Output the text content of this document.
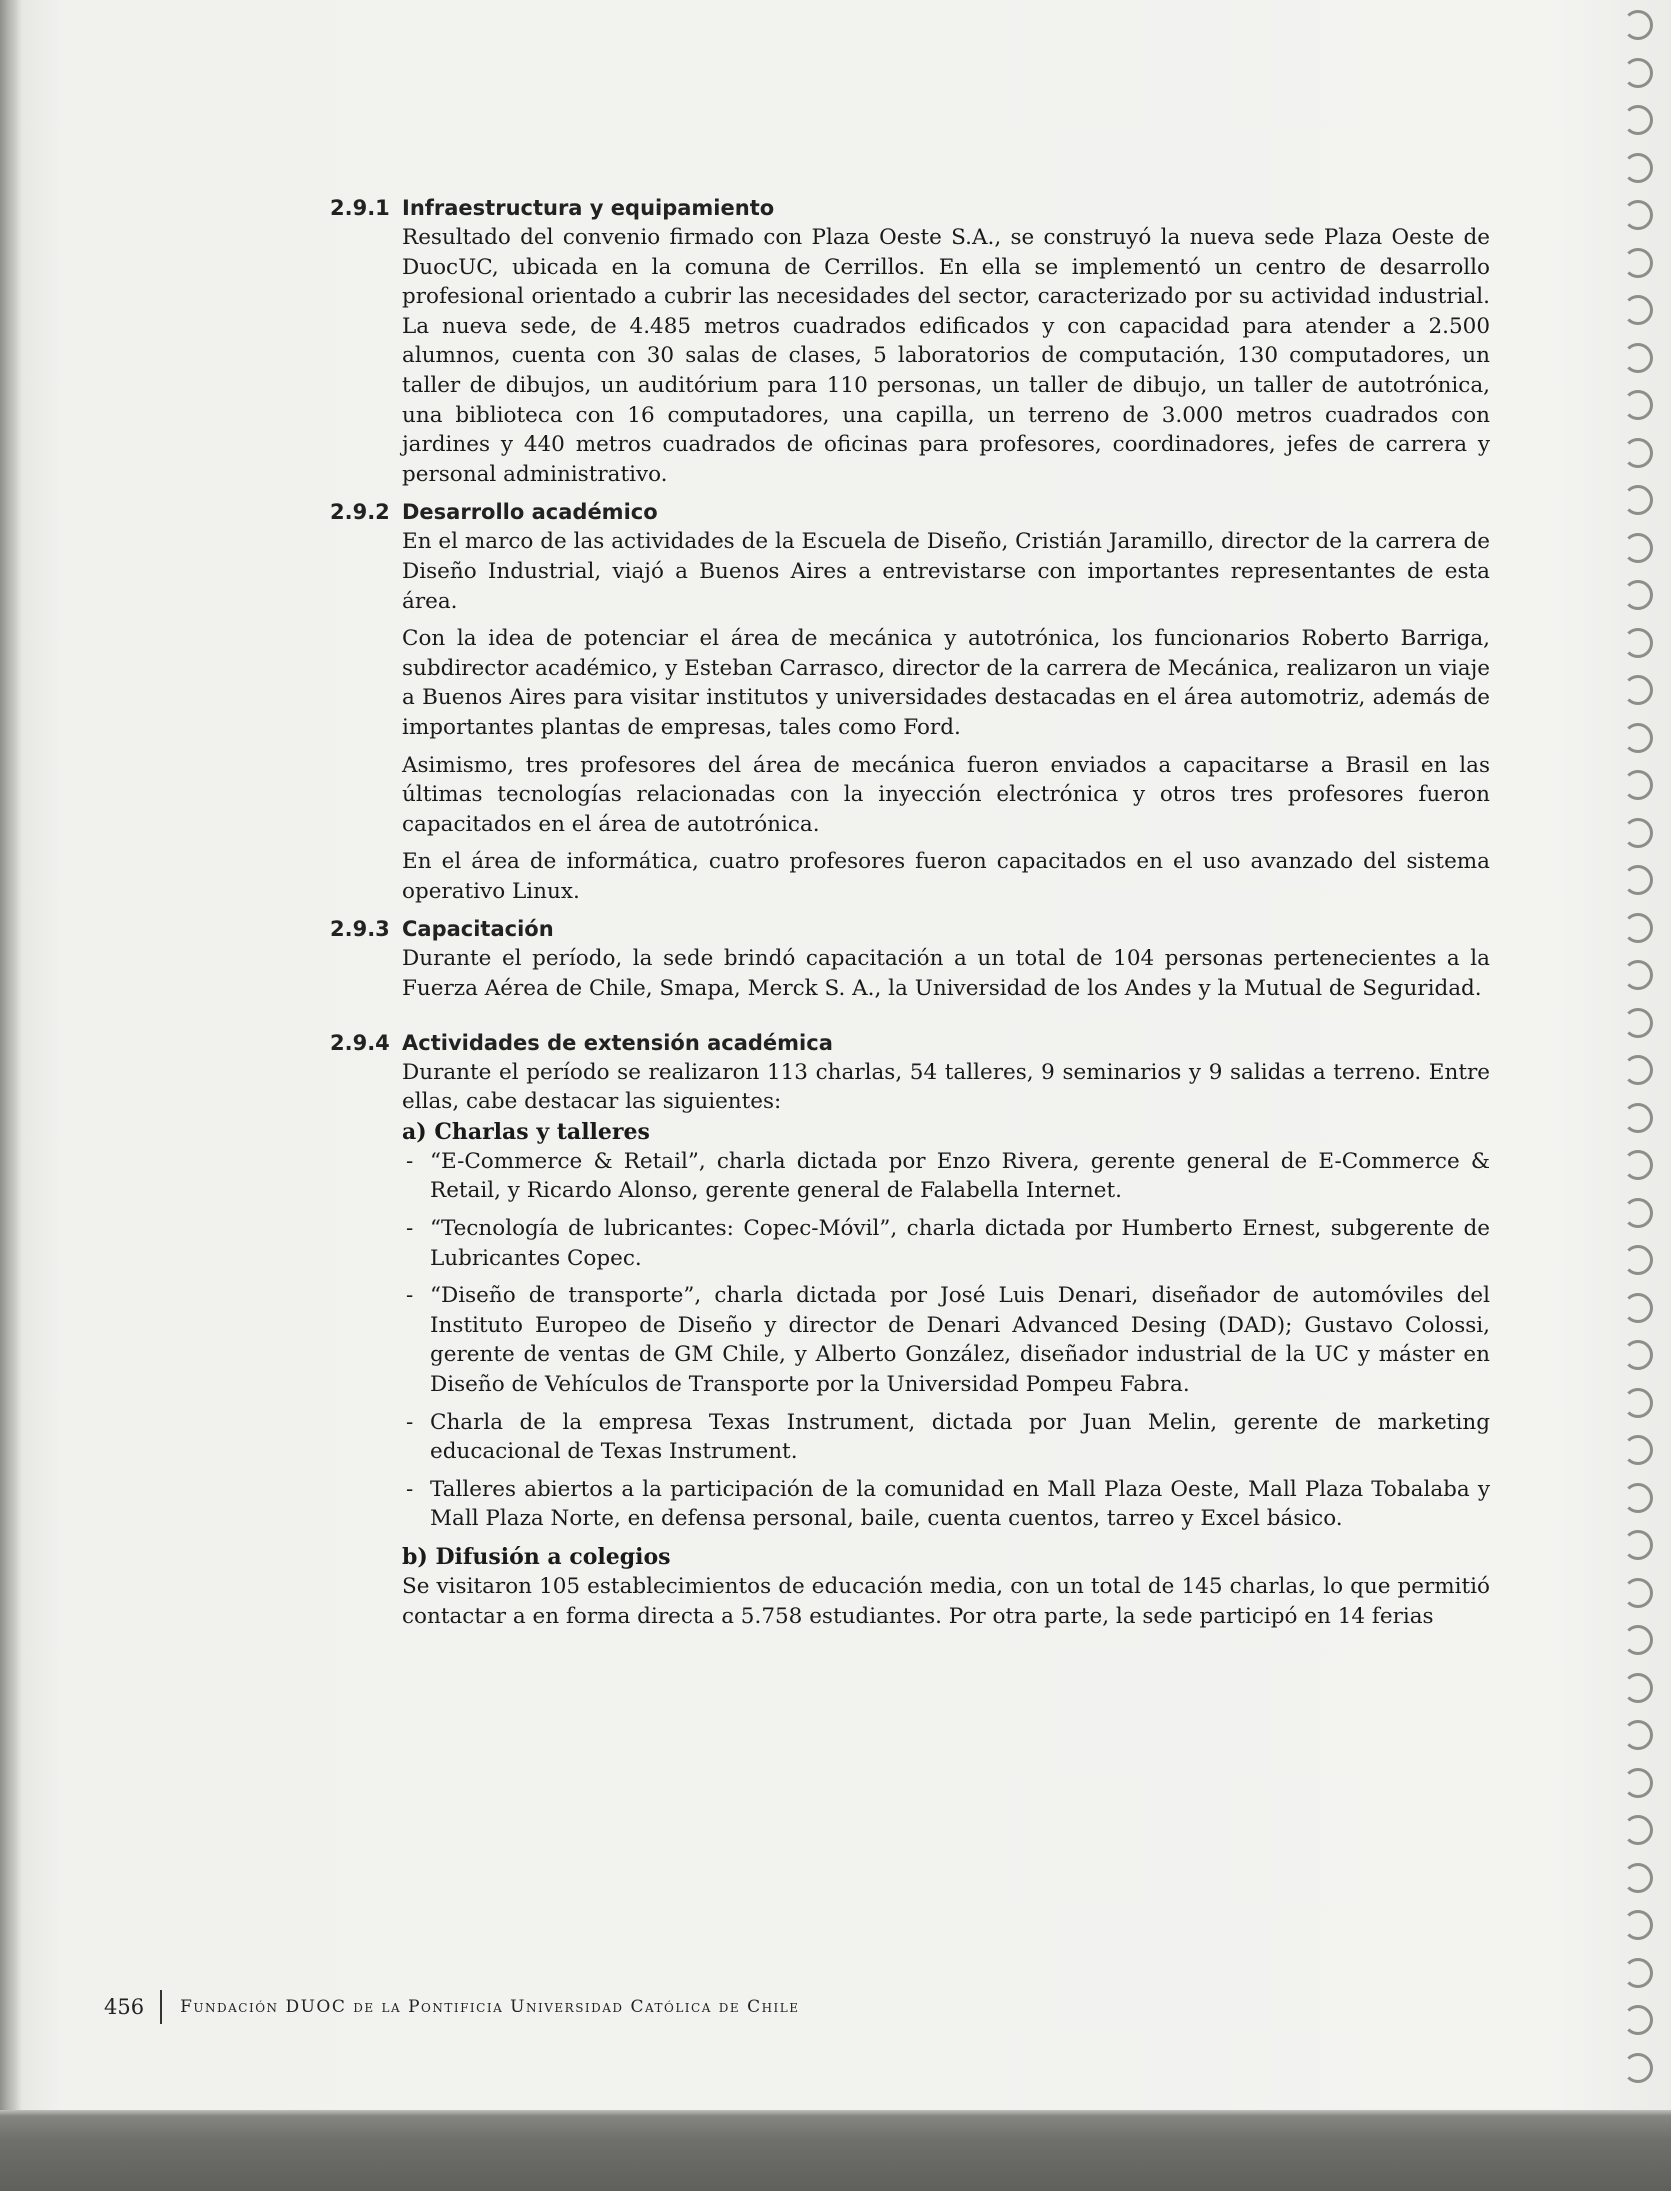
2.9.1 Infraestructura y equipamiento

Resultado del convenio firmado con Plaza Oeste S.A., se construyó la nueva sede Plaza Oeste de DuocUC, ubicada en la comuna de Cerrillos. En ella se implementó un centro de desarrollo profesional orientado a cubrir las necesidades del sector, caracterizado por su actividad industrial. La nueva sede, de 4.485 metros cuadrados edificados y con capacidad para atender a 2.500 alumnos, cuenta con 30 salas de clases, 5 laboratorios de computación, 130 computadores, un taller de dibujos, un auditórium para 110 personas, un taller de dibujo, un taller de autotrónica, una biblioteca con 16 computadores, una capilla, un terreno de 3.000 metros cuadrados con jardines y 440 metros cuadrados de oficinas para profesores, coordinadores, jefes de carrera y personal administrativo.

2.9.2 Desarrollo académico

En el marco de las actividades de la Escuela de Diseño, Cristián Jaramillo, director de la carrera de Diseño Industrial, viajó a Buenos Aires a entrevistarse con importantes representantes de esta área.

Con la idea de potenciar el área de mecánica y autotrónica, los funcionarios Roberto Barriga, subdirector académico, y Esteban Carrasco, director de la carrera de Mecánica, realizaron un viaje a Buenos Aires para visitar institutos y universidades destacadas en el área automotriz, además de importantes plantas de empresas, tales como Ford.

Asimismo, tres profesores del área de mecánica fueron enviados a capacitarse a Brasil en las últimas tecnologías relacionadas con la inyección electrónica y otros tres profesores fueron capacitados en el área de autotrónica.

En el área de informática, cuatro profesores fueron capacitados en el uso avanzado del sistema operativo Linux.

2.9.3 Capacitación

Durante el período, la sede brindó capacitación a un total de 104 personas pertenecientes a la Fuerza Aérea de Chile, Smapa, Merck S. A., la Universidad de los Andes y la Mutual de Seguridad.

2.9.4 Actividades de extensión académica

Durante el período se realizaron 113 charlas, 54 talleres, 9 seminarios y 9 salidas a terreno. Entre ellas, cabe destacar las siguientes:

a) Charlas y talleres
- “E-Commerce & Retail”, charla dictada por Enzo Rivera, gerente general de E-Commerce & Retail, y Ricardo Alonso, gerente general de Falabella Internet.
- “Tecnología de lubricantes: Copec-Móvil”, charla dictada por Humberto Ernest, subgerente de Lubricantes Copec.
- “Diseño de transporte”, charla dictada por José Luis Denari, diseñador de automóviles del Instituto Europeo de Diseño y director de Denari Advanced Desing (DAD); Gustavo Colossi, gerente de ventas de GM Chile, y Alberto González, diseñador industrial de la UC y máster en Diseño de Vehículos de Transporte por la Universidad Pompeu Fabra.
- Charla de la empresa Texas Instrument, dictada por Juan Melin, gerente de marketing educacional de Texas Instrument.
- Talleres abiertos a la participación de la comunidad en Mall Plaza Oeste, Mall Plaza Tobalaba y Mall Plaza Norte, en defensa personal, baile, cuenta cuentos, tarreo y Excel básico.
b) Difusión a colegios

Se visitaron 105 establecimientos de educación media, con un total de 145 charlas, lo que permitió contactar a en forma directa a 5.758 estudiantes. Por otra parte, la sede participó en 14 ferias

456	Fundación DUOC de la Pontificia Universidad Católica de Chile
